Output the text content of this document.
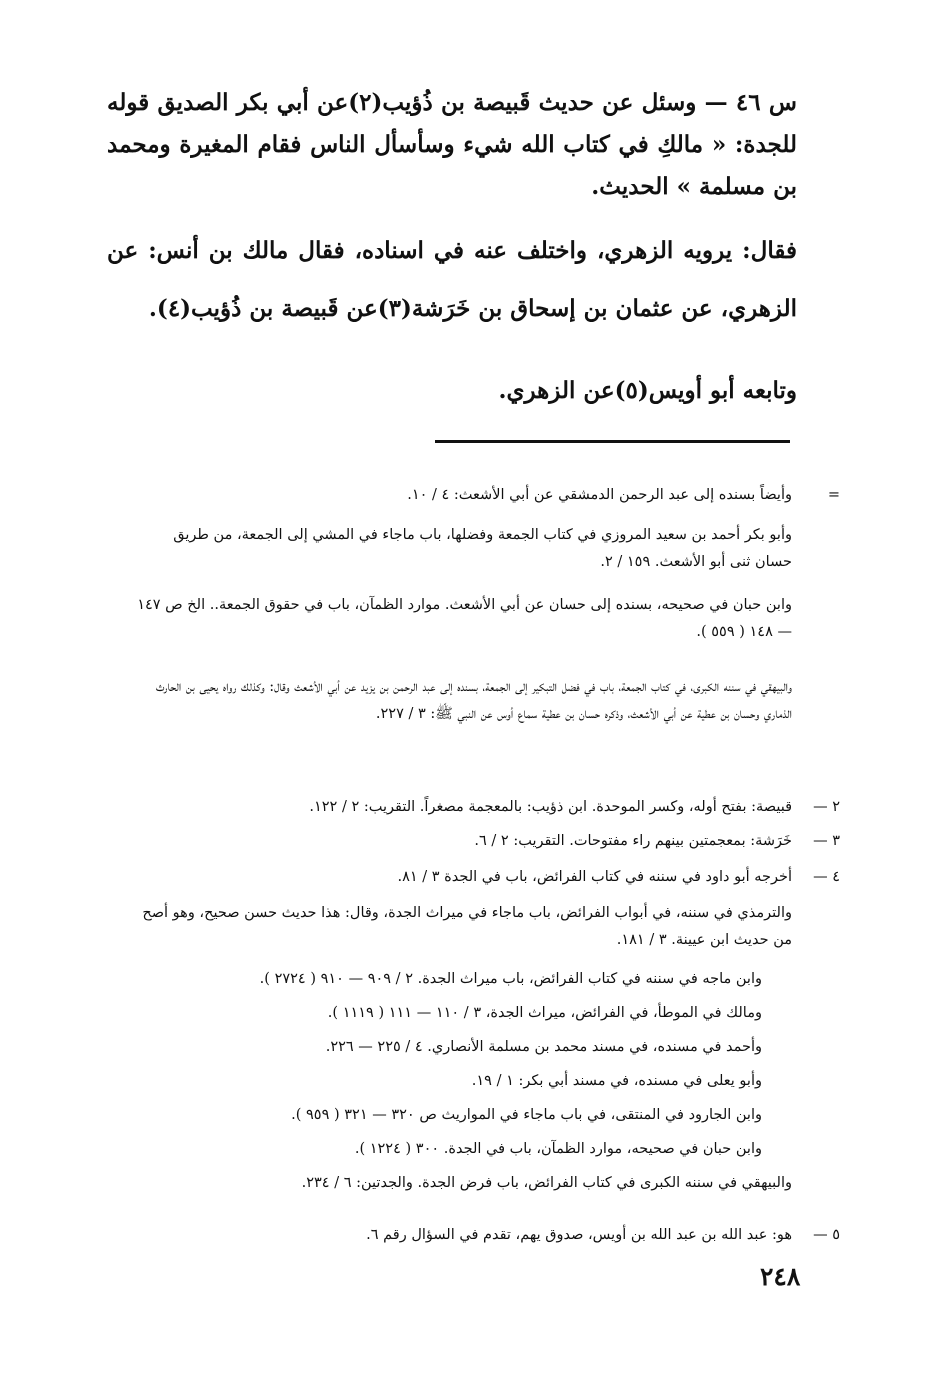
س ٤٦ — وسئل عن حديث قَبيصة بن ذُؤيب(٢)عن أبي بكر الصديق قوله للجدة: « مالكِ في كتاب الله شيء وسأسأل الناس فقام المغيرة ومحمد بن مسلمة » الحديث.

فقال: يرويه الزهري، واختلف عنه في اسناده، فقال مالك بن أنس: عن الزهري، عن عثمان بن إسحاق بن خَرَشة(٣)عن قَبيصة بن ذُؤيب(٤).

وتابعه أبو أويس(٥)عن الزهري.

=

وأيضاً بسنده إلى عبد الرحمن الدمشقي عن أبي الأشعث: ٤ / ١٠.

وأبو بكر أحمد بن سعيد المروزي في كتاب الجمعة وفضلها، باب ماجاء في المشي إلى الجمعة، من طريق حسان ثنى أبو الأشعث. ١٥٩ / ٢.

وابن حبان في صحيحه، بسنده إلى حسان عن أبي الأشعث. موارد الظمآن، باب في حقوق الجمعة.. الخ ص ١٤٧ — ١٤٨ ( ٥٥٩ ).

والبيهقي في سننه الكبرى، في كتاب الجمعة، باب في فضل التبكير إلى الجمعة، بسنده إلى عبد الرحمن بن يزيد عن أبي الأشعث وقال: وكذلك رواه يحيى بن الحارث الذماري وحسان بن عطية عن أبي الأشعث، وذكره حسان بن عطية سماع أوس عن النبي ﷺ: ٣ / ٢٢٧.

٢ —

قبيصة: بفتح أوله، وكسر الموحدة. ابن ذؤيب: بالمعجمة مصغراً. التقريب: ٢ / ١٢٢.

٣ —

خَرَشة: بمعجمتين بينهم راء مفتوحات. التقريب: ٢ / ٦.

٤ —

أخرجه أبو داود في سننه في كتاب الفرائض، باب في الجدة ٣ / ٨١.

والترمذي في سننه، في أبواب الفرائض، باب ماجاء في ميراث الجدة، وقال: هذا حديث حسن صحيح، وهو أصح من حديث ابن عيينة. ٣ / ١٨١.

وابن ماجه في سننه في كتاب الفرائض، باب ميراث الجدة. ٢ / ٩٠٩ — ٩١٠ ( ٢٧٢٤ ).

ومالك في الموطأ، في الفرائض، ميراث الجدة، ٣ / ١١٠ — ١١١ ( ١١١٩ ).

وأحمد في مسنده، في مسند محمد بن مسلمة الأنصاري. ٤ / ٢٢٥ — ٢٢٦.

وأبو يعلى في مسنده، في مسند أبي بكر: ١ / ١٩.

وابن الجارود في المنتقى، في باب ماجاء في المواريث ص ٣٢٠ — ٣٢١ ( ٩٥٩ ).

وابن حبان في صحيحه، موارد الظمآن، باب في الجدة. ٣٠٠ ( ١٢٢٤ ).

والبيهقي في سننه الكبرى في كتاب الفرائض، باب فرض الجدة. والجدتين: ٦ / ٢٣٤.

٥ —

هو: عبد الله بن عبد الله بن أويس، صدوق يهم، تقدم في السؤال رقم ٦.

٢٤٨
